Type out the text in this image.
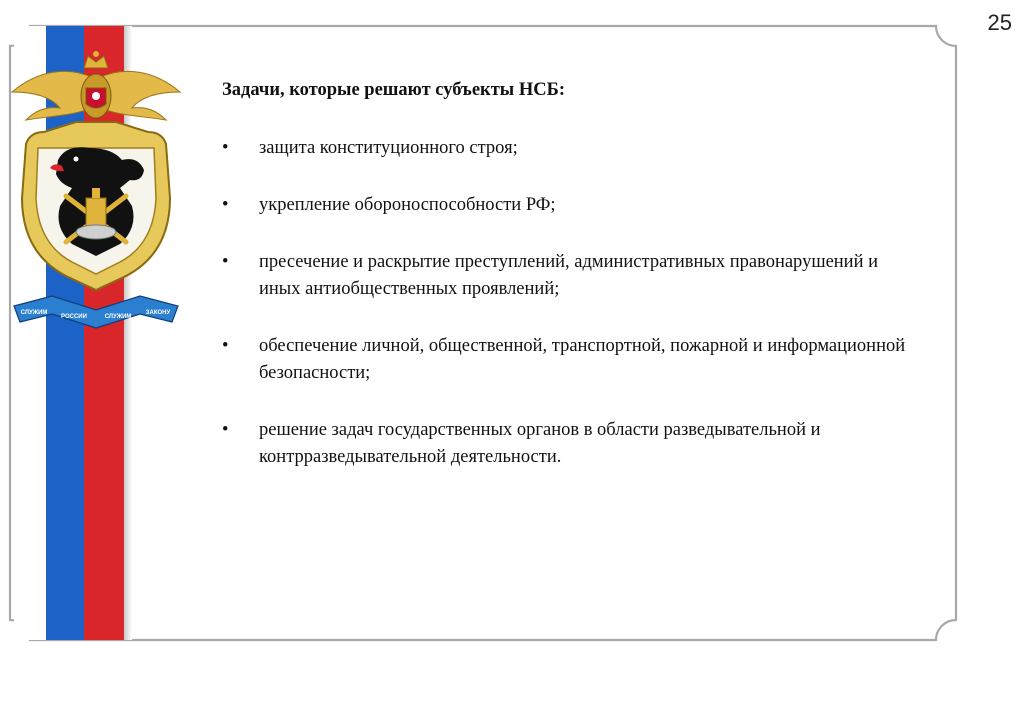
25
СЛУЖИМ
РОССИИ	СЛУЖИМ
ЗАКОНУ

Задачи, которые решают субъекты НСБ:

• защита конституционного строя;
• укрепление обороноспособности РФ;
• пресечение и раскрытие преступлений, административных правонарушений и иных антиобщественных проявлений;
• обеспечение личной, общественной, транспортной, пожарной и информационной безопасности;
• решение задач государственных органов в области разведывательной и контрразведывательной деятельности.
